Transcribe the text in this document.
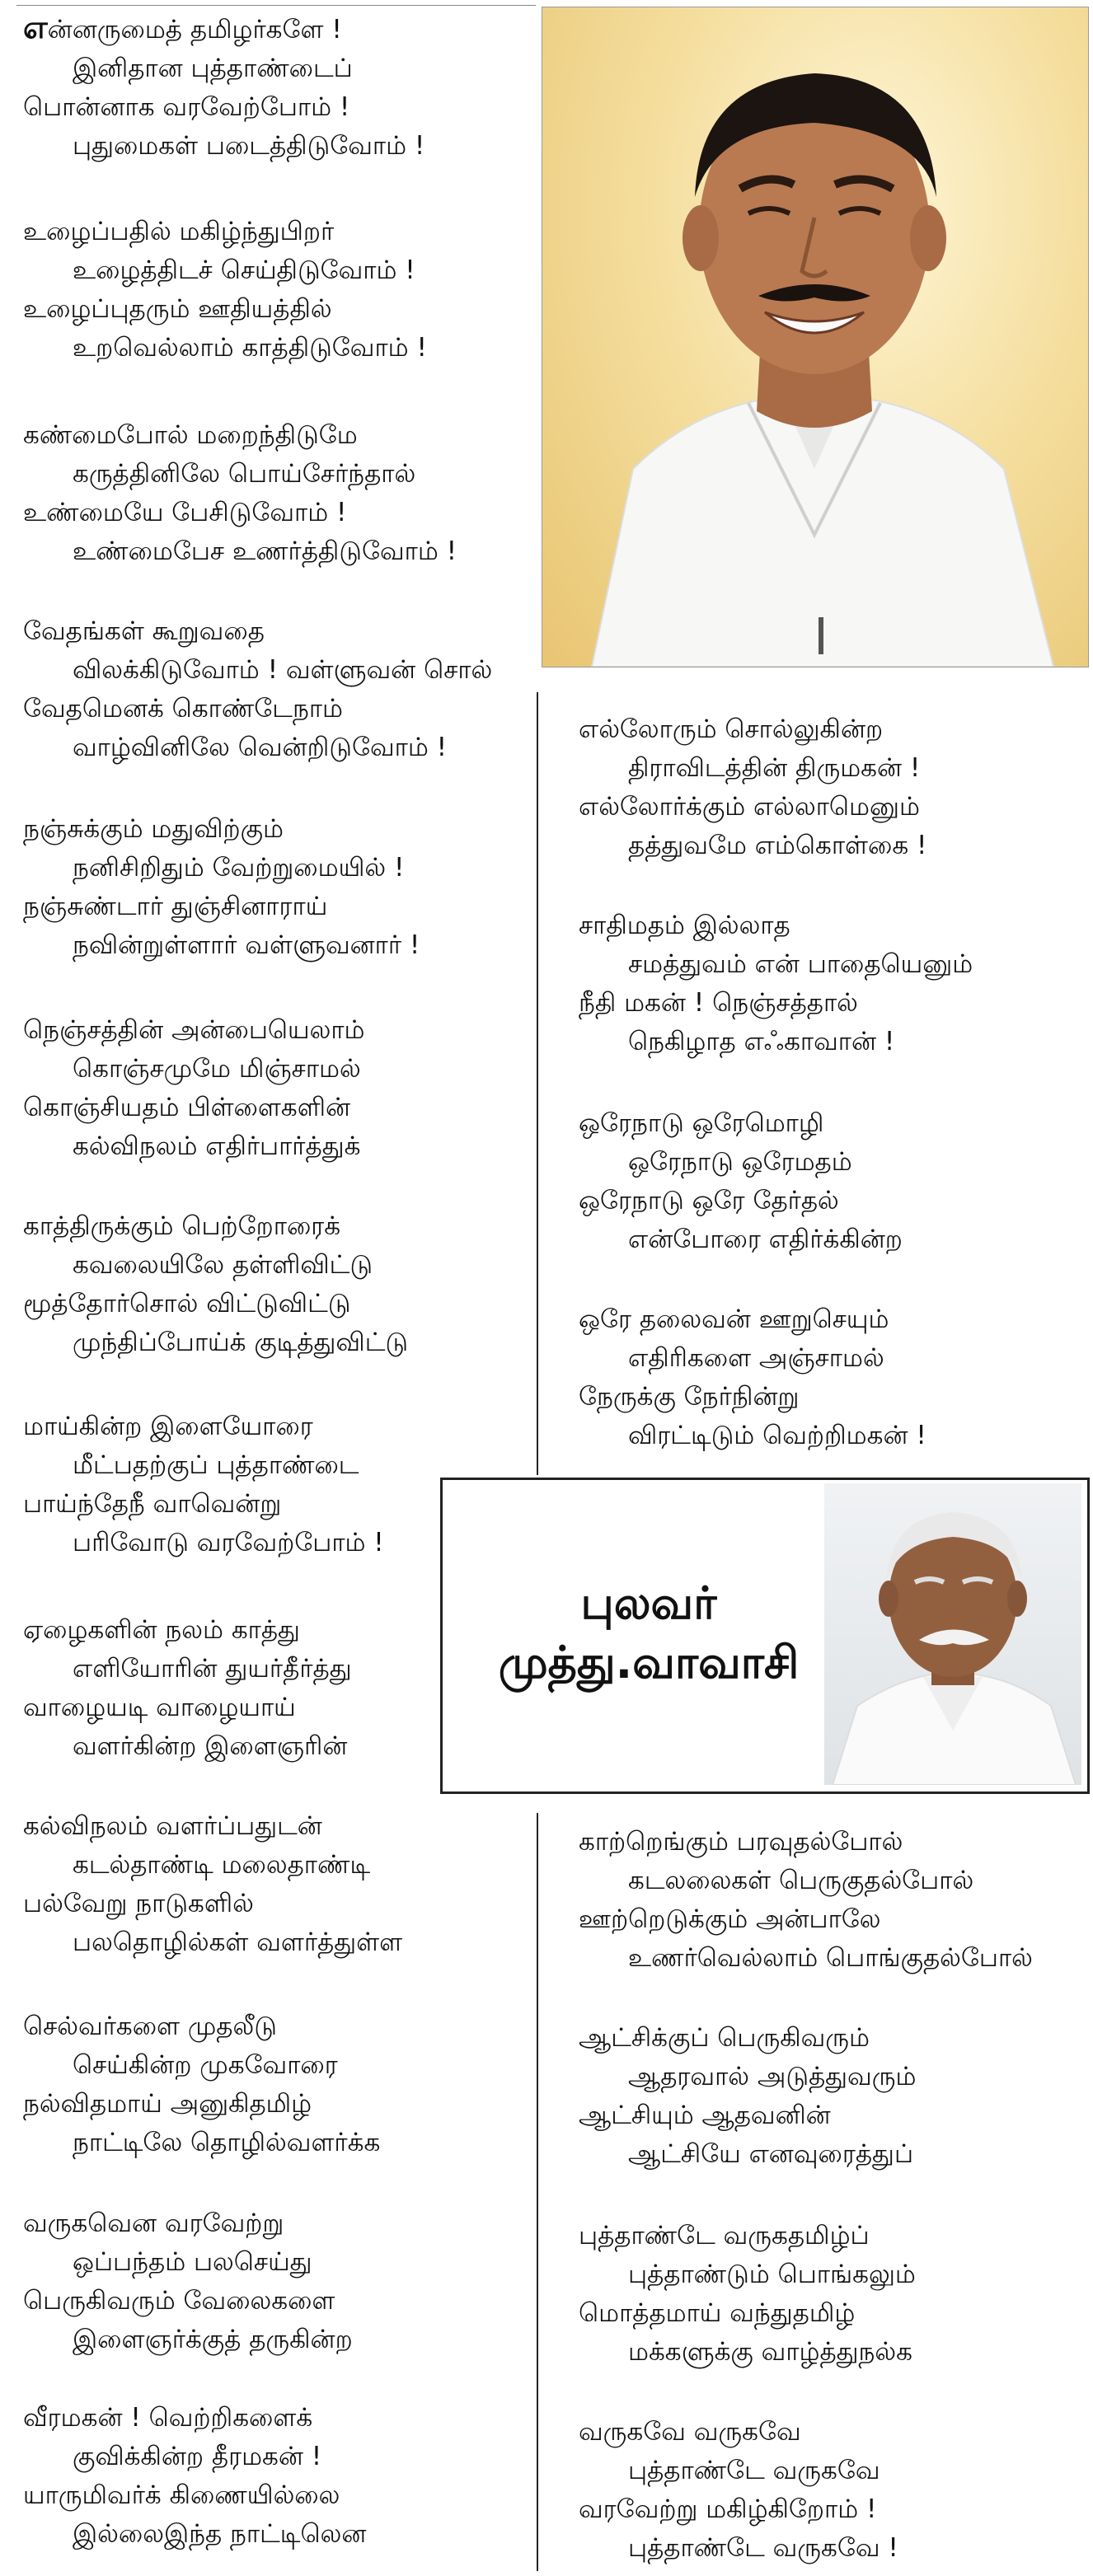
புலவர்
முத்து.வாவாசி
என்னருமைத் தமிழர்களே !
இனிதான புத்தாண்டைப்
பொன்னாக வரவேற்போம் !
புதுமைகள் படைத்திடுவோம் !
உழைப்பதில் மகிழ்ந்துபிறர்
உழைத்திடச் செய்திடுவோம் !
உழைப்புதரும் ஊதியத்தில்
உறவெல்லாம் காத்திடுவோம் !
கண்மைபோல் மறைந்திடுமே
கருத்தினிலே பொய்சேர்ந்தால்
உண்மையே பேசிடுவோம் !
உண்மைபேச உணர்த்திடுவோம் !
வேதங்கள் கூறுவதை
விலக்கிடுவோம் ! வள்ளுவன் சொல்
வேதமெனக் கொண்டேநாம்
வாழ்வினிலே வென்றிடுவோம் !
நஞ்சுக்கும் மதுவிற்கும்
நனிசிறிதும் வேற்றுமையில் !
நஞ்சுண்டார் துஞ்சினாராய்
நவின்றுள்ளார் வள்ளுவனார் !
நெஞ்சத்தின் அன்பையெலாம்
கொஞ்சமுமே மிஞ்சாமல்
கொஞ்சியதம் பிள்ளைகளின்
கல்விநலம் எதிர்பார்த்துக்
காத்திருக்கும் பெற்றோரைக்
கவலையிலே தள்ளிவிட்டு
மூத்தோர்சொல் விட்டுவிட்டு
முந்திப்போய்க் குடித்துவிட்டு
மாய்கின்ற இளையோரை
மீட்பதற்குப் புத்தாண்டை
பாய்ந்தேநீ வாவென்று
பரிவோடு வரவேற்போம் !
ஏழைகளின் நலம் காத்து
எளியோரின் துயர்தீர்த்து
வாழையடி வாழையாய்
வளர்கின்ற இளைஞரின்
கல்விநலம் வளர்ப்பதுடன்
கடல்தாண்டி மலைதாண்டி
பல்வேறு நாடுகளில்
பலதொழில்கள் வளர்த்துள்ள
செல்வர்களை முதலீடு
செய்கின்ற முகவோரை
நல்விதமாய் அனுகிதமிழ்
நாட்டிலே தொழில்வளர்க்க
வருகவென வரவேற்று
ஒப்பந்தம் பலசெய்து
பெருகிவரும் வேலைகளை
இளைஞர்க்குத் தருகின்ற
வீரமகன் ! வெற்றிகளைக்
குவிக்கின்ற தீரமகன் !
யாருமிவர்க் கிணையில்லை
இல்லைஇந்த நாட்டிலென
எல்லோரும் சொல்லுகின்ற
திராவிடத்தின் திருமகன் !
எல்லோர்க்கும் எல்லாமெனும்
தத்துவமே எம்கொள்கை !
சாதிமதம் இல்லாத
சமத்துவம் என் பாதையெனும்
நீதி மகன் ! நெஞ்சத்தால்
நெகிழாத எஃகாவான் !
ஒரேநாடு ஒரேமொழி
ஒரேநாடு ஒரேமதம்
ஒரேநாடு ஒரே தேர்தல்
என்போரை எதிர்க்கின்ற
ஒரே தலைவன் ஊறுசெயும்
எதிரிகளை அஞ்சாமல்
நேருக்கு நேர்நின்று
விரட்டிடும் வெற்றிமகன் !
காற்றெங்கும் பரவுதல்போல்
கடலலைகள் பெருகுதல்போல்
ஊற்றெடுக்கும் அன்பாலே
உணர்வெல்லாம் பொங்குதல்போல்
ஆட்சிக்குப் பெருகிவரும்
ஆதரவால் அடுத்துவரும்
ஆட்சியும் ஆதவனின்
ஆட்சியே எனவுரைத்துப்
புத்தாண்டே வருகதமிழ்ப்
புத்தாண்டும் பொங்கலும்
மொத்தமாய் வந்துதமிழ்
மக்களுக்கு வாழ்த்துநல்க
வருகவே வருகவே
புத்தாண்டே வருகவே
வரவேற்று மகிழ்கிறோம் !
புத்தாண்டே வருகவே !
